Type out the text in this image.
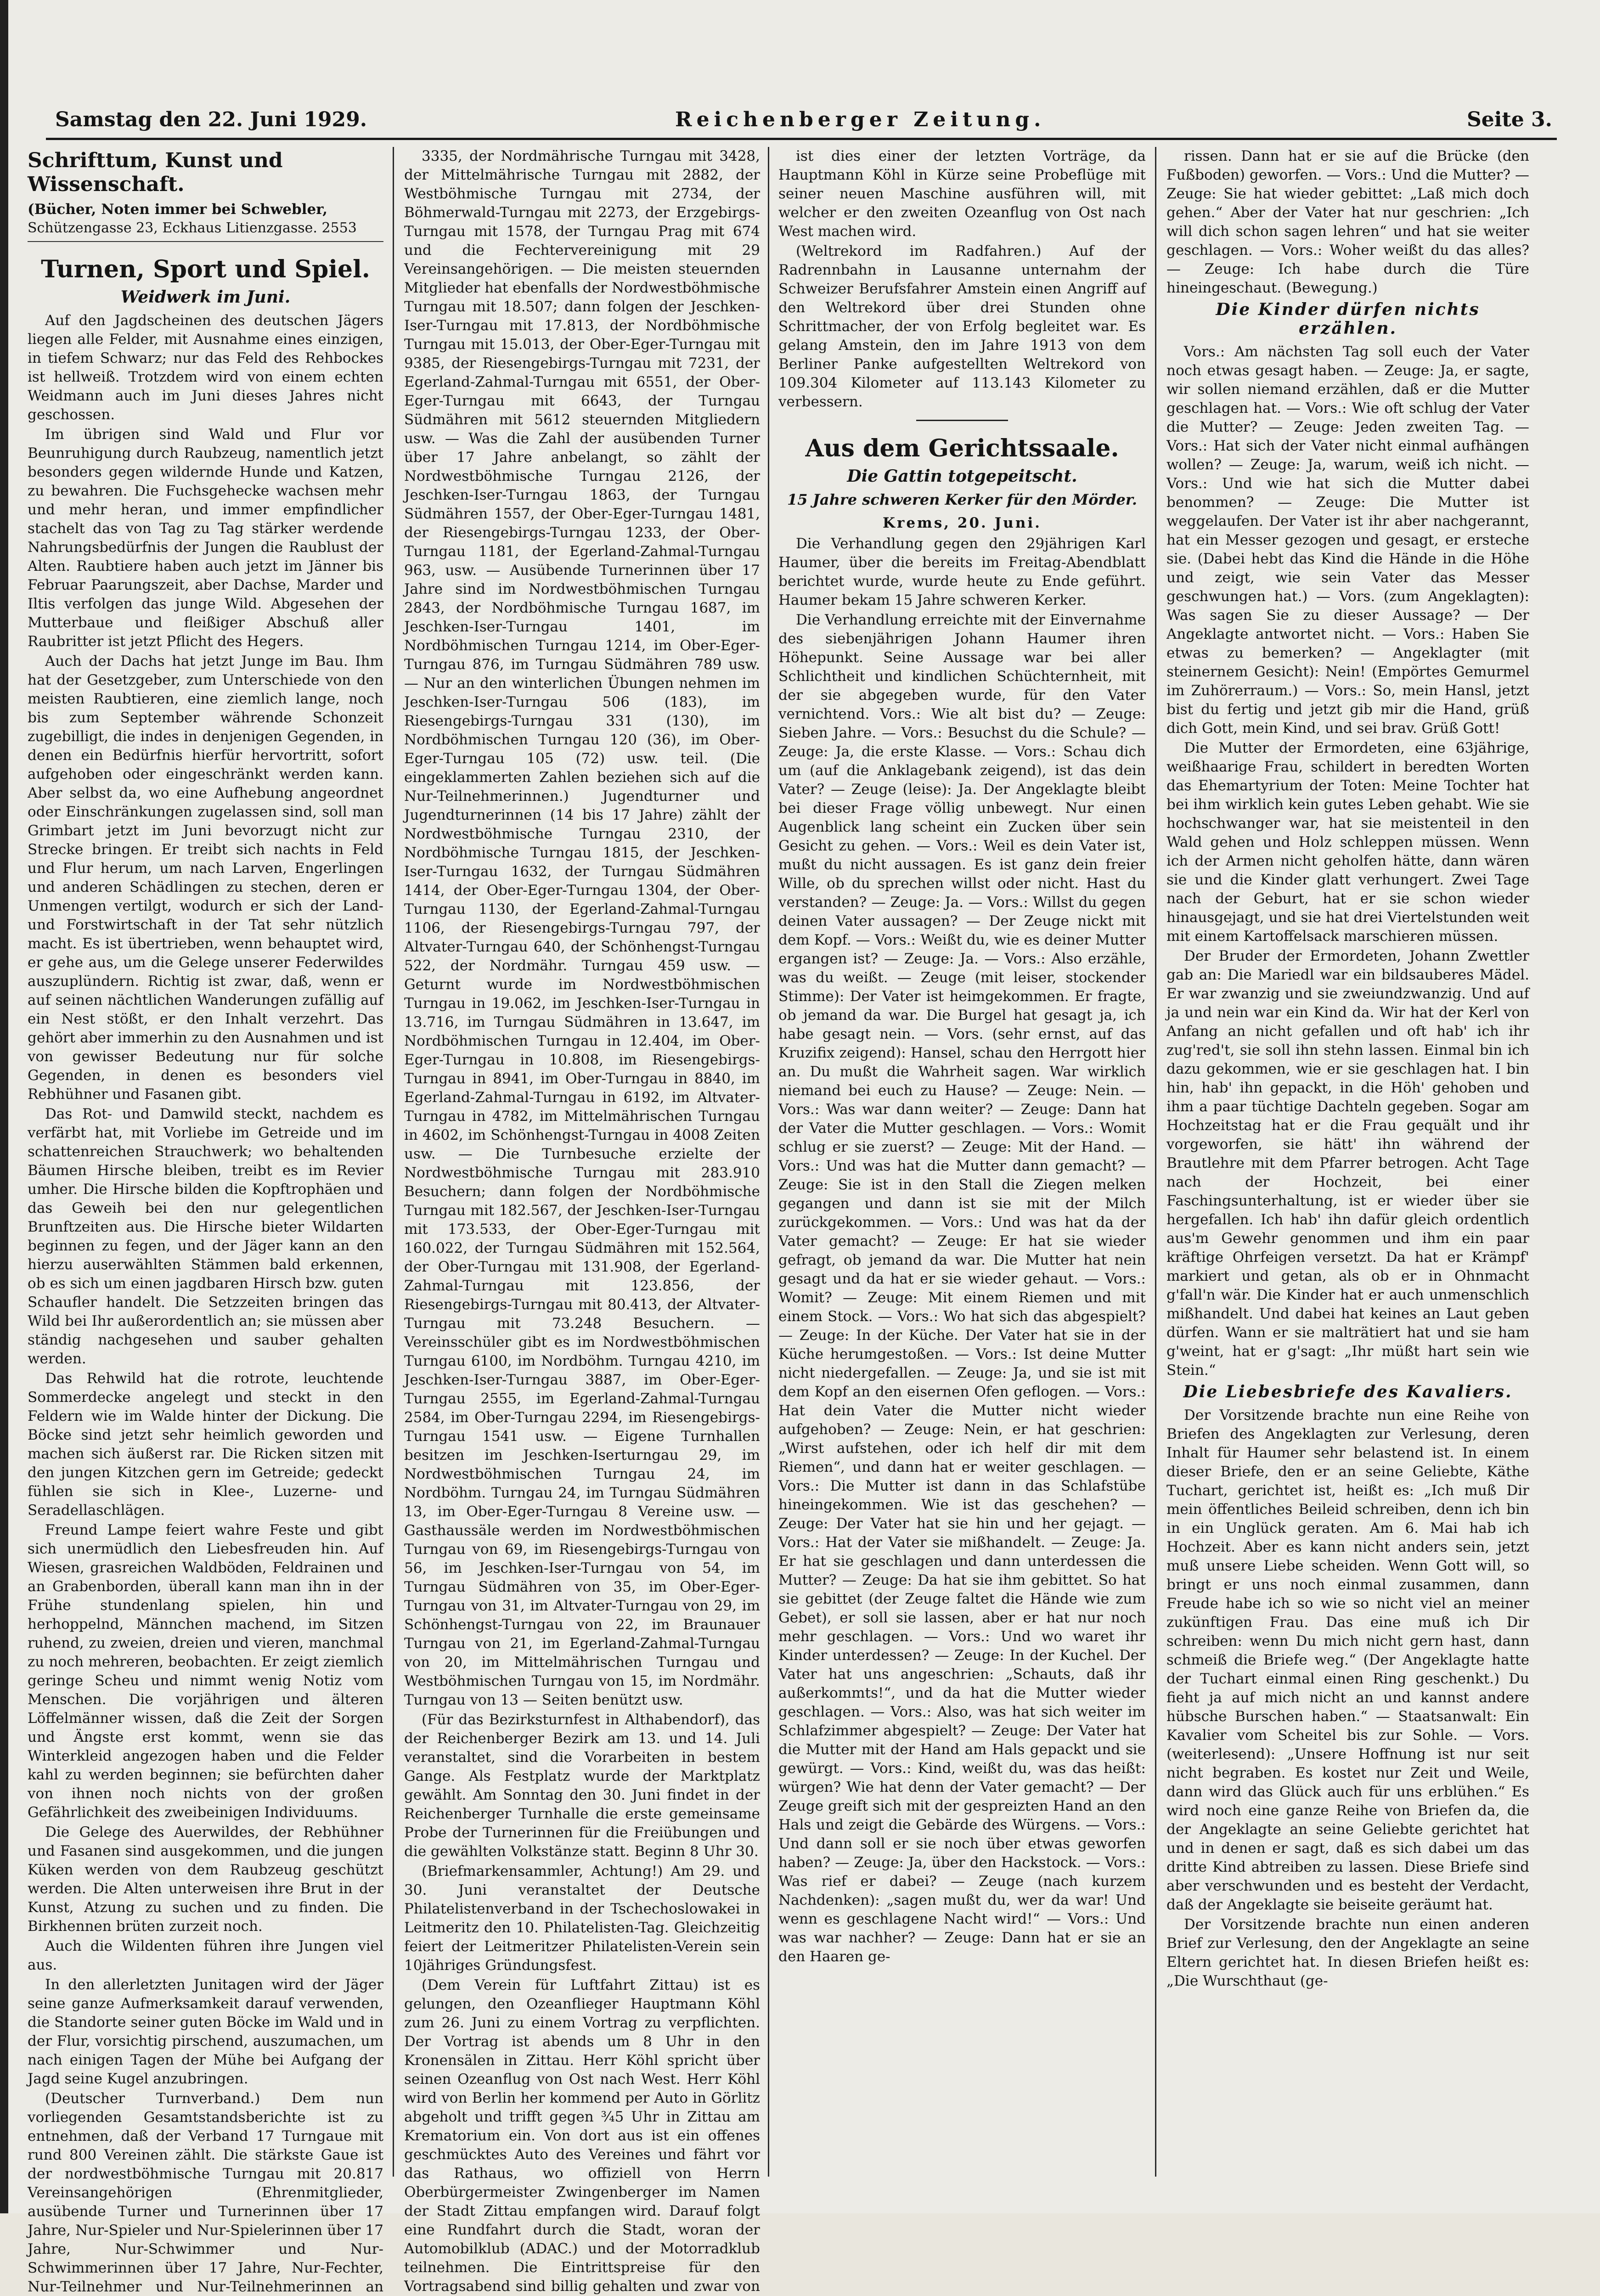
Samstag den 22. Juni 1929.	Reichenberger Zeitung.	Seite 3.
Schrifttum, Kunst und Wissenschaft.
(Bücher, Noten immer bei Schwebler,
Schützengasse 23, Eckhaus Litienzgasse. 2553
Turnen, Sport und Spiel.
Weidwerk im Juni.

Auf den Jagdscheinen des deutschen Jägers liegen alle Felder, mit Ausnahme eines einzigen, in tiefem Schwarz; nur das Feld des Rehbockes ist hellweiß. Trotzdem wird von einem echten Weidmann auch im Juni dieses Jahres nicht geschossen.

Im übrigen sind Wald und Flur vor Beunruhigung durch Raubzeug, namentlich jetzt besonders gegen wildernde Hunde und Katzen, zu bewahren. Die Fuchsgehecke wachsen mehr und mehr heran, und immer empfindlicher stachelt das von Tag zu Tag stärker werdende Nahrungsbedürfnis der Jungen die Raublust der Alten. Raubtiere haben auch jetzt im Jänner bis Februar Paarungszeit, aber Dachse, Marder und Iltis verfolgen das junge Wild. Abgesehen der Mutterbaue und fleißiger Abschuß aller Raubritter ist jetzt Pflicht des Hegers.

Auch der Dachs hat jetzt Junge im Bau. Ihm hat der Gesetzgeber, zum Unterschiede von den meisten Raubtieren, eine ziemlich lange, noch bis zum September währende Schonzeit zugebilligt, die indes in denjenigen Gegenden, in denen ein Bedürfnis hierfür hervortritt, sofort aufgehoben oder eingeschränkt werden kann. Aber selbst da, wo eine Aufhebung angeordnet oder Einschränkungen zugelassen sind, soll man Grimbart jetzt im Juni bevorzugt nicht zur Strecke bringen. Er treibt sich nachts in Feld und Flur herum, um nach Larven, Engerlingen und anderen Schädlingen zu stechen, deren er Unmengen vertilgt, wodurch er sich der Land- und Forstwirtschaft in der Tat sehr nützlich macht. Es ist übertrieben, wenn behauptet wird, er gehe aus, um die Gelege unserer Federwildes auszuplündern. Richtig ist zwar, daß, wenn er auf seinen nächtlichen Wanderungen zufällig auf ein Nest stößt, er den Inhalt verzehrt. Das gehört aber immerhin zu den Ausnahmen und ist von gewisser Bedeutung nur für solche Gegenden, in denen es besonders viel Rebhühner und Fasanen gibt.

Das Rot- und Damwild steckt, nachdem es verfärbt hat, mit Vorliebe im Getreide und im schattenreichen Strauchwerk; wo behaltenden Bäumen Hirsche bleiben, treibt es im Revier umher. Die Hirsche bilden die Kopftrophäen und das Geweih bei den nur gelegentlichen Brunftzeiten aus. Die Hirsche bieter Wildarten beginnen zu fegen, und der Jäger kann an den hierzu auserwählten Stämmen bald erkennen, ob es sich um einen jagdbaren Hirsch bzw. guten Schaufler handelt. Die Setzzeiten bringen das Wild bei Ihr außerordentlich an; sie müssen aber ständig nachgesehen und sauber gehalten werden.

Das Rehwild hat die rotrote, leuchtende Sommerdecke angelegt und steckt in den Feldern wie im Walde hinter der Dickung. Die Böcke sind jetzt sehr heimlich geworden und machen sich äußerst rar. Die Ricken sitzen mit den jungen Kitzchen gern im Getreide; gedeckt fühlen sie sich in Klee-, Luzerne- und Seradellaschlägen.

Freund Lampe feiert wahre Feste und gibt sich unermüdlich den Liebesfreuden hin. Auf Wiesen, grasreichen Waldböden, Feldrainen und an Grabenborden, überall kann man ihn in der Frühe stundenlang spielen, hin und herhoppelnd, Männchen machend, im Sitzen ruhend, zu zweien, dreien und vieren, manchmal zu noch mehreren, beobachten. Er zeigt ziemlich geringe Scheu und nimmt wenig Notiz vom Menschen. Die vorjährigen und älteren Löffelmänner wissen, daß die Zeit der Sorgen und Ängste erst kommt, wenn sie das Winterkleid angezogen haben und die Felder kahl zu werden beginnen; sie befürchten daher von ihnen noch nichts von der großen Gefährlichkeit des zweibeinigen Individuums.

Die Gelege des Auerwildes, der Rebhühner und Fasanen sind ausgekommen, und die jungen Küken werden von dem Raubzeug geschützt werden. Die Alten unterweisen ihre Brut in der Kunst, Atzung zu suchen und zu finden. Die Birkhennen brüten zurzeit noch.

Auch die Wildenten führen ihre Jungen viel aus.

In den allerletzten Junitagen wird der Jäger seine ganze Aufmerksamkeit darauf verwenden, die Standorte seiner guten Böcke im Wald und in der Flur, vorsichtig pirschend, auszumachen, um nach einigen Tagen der Mühe bei Aufgang der Jagd seine Kugel anzubringen.

(Deutscher Turnverband.) Dem nun vorliegenden Gesamtstandsberichte ist zu entnehmen, daß der Verband 17 Turngaue mit rund 800 Vereinen zählt. Die stärkste Gaue ist der nordwestböhmische Turngau mit 20.817 Vereinsangehörigen (Ehrenmitglieder, ausübende Turner und Turnerinnen über 17 Jahre, Nur-Spieler und Nur-Spielerinnen über 17 Jahre, Nur-Schwimmer und Nur-Schwimmerinnen über 17 Jahre, Nur-Fechter, Nur-Teilnehmer und Nur-Teilnehmerinnen an

3335, der Nordmährische Turngau mit 3428, der Mittelmährische Turngau mit 2882, der Westböhmische Turngau mit 2734, der Böhmerwald-Turngau mit 2273, der Erzgebirgs-Turngau mit 1578, der Turngau Prag mit 674 und die Fechtervereinigung mit 29 Vereinsangehörigen. — Die meisten steuernden Mitglieder hat ebenfalls der Nordwestböhmische Turngau mit 18.507; dann folgen der Jeschken-Iser-Turngau mit 17.813, der Nordböhmische Turngau mit 15.013, der Ober-Eger-Turngau mit 9385, der Riesengebirgs-Turngau mit 7231, der Egerland-Zahmal-Turngau mit 6551, der Ober-Eger-Turngau mit 6643, der Turngau Südmähren mit 5612 steuernden Mitgliedern usw. — Was die Zahl der ausübenden Turner über 17 Jahre anbelangt, so zählt der Nordwestböhmische Turngau 2126, der Jeschken-Iser-Turngau 1863, der Turngau Südmähren 1557, der Ober-Eger-Turngau 1481, der Riesengebirgs-Turngau 1233, der Ober-Turngau 1181, der Egerland-Zahmal-Turngau 963, usw. — Ausübende Turnerinnen über 17 Jahre sind im Nordwestböhmischen Turngau 2843, der Nordböhmische Turngau 1687, im Jeschken-Iser-Turngau 1401, im Nordböhmischen Turngau 1214, im Ober-Eger-Turngau 876, im Turngau Südmähren 789 usw. — Nur an den winterlichen Übungen nehmen im Jeschken-Iser-Turngau 506 (183), im Riesengebirgs-Turngau 331 (130), im Nordböhmischen Turngau 120 (36), im Ober-Eger-Turngau 105 (72) usw. teil. (Die eingeklammerten Zahlen beziehen sich auf die Nur-Teilnehmerinnen.) Jugendturner und Jugendturnerinnen (14 bis 17 Jahre) zählt der Nordwestböhmische Turngau 2310, der Nordböhmische Turngau 1815, der Jeschken-Iser-Turngau 1632, der Turngau Südmähren 1414, der Ober-Eger-Turngau 1304, der Ober-Turngau 1130, der Egerland-Zahmal-Turngau 1106, der Riesengebirgs-Turngau 797, der Altvater-Turngau 640, der Schönhengst-Turngau 522, der Nordmähr. Turngau 459 usw. — Geturnt wurde im Nordwestböhmischen Turngau in 19.062, im Jeschken-Iser-Turngau in 13.716, im Turngau Südmähren in 13.647, im Nordböhmischen Turngau in 12.404, im Ober-Eger-Turngau in 10.808, im Riesengebirgs-Turngau in 8941, im Ober-Turngau in 8840, im Egerland-Zahmal-Turngau in 6192, im Altvater-Turngau in 4782, im Mittelmährischen Turngau in 4602, im Schönhengst-Turngau in 4008 Zeiten usw. — Die Turnbesuche erzielte der Nordwestböhmische Turngau mit 283.910 Besuchern; dann folgen der Nordböhmische Turngau mit 182.567, der Jeschken-Iser-Turngau mit 173.533, der Ober-Eger-Turngau mit 160.022, der Turngau Südmähren mit 152.564, der Ober-Turngau mit 131.908, der Egerland-Zahmal-Turngau mit 123.856, der Riesengebirgs-Turngau mit 80.413, der Altvater-Turngau mit 73.248 Besuchern. — Vereinsschüler gibt es im Nordwestböhmischen Turngau 6100, im Nordböhm. Turngau 4210, im Jeschken-Iser-Turngau 3887, im Ober-Eger-Turngau 2555, im Egerland-Zahmal-Turngau 2584, im Ober-Turngau 2294, im Riesengebirgs-Turngau 1541 usw. — Eigene Turnhallen besitzen im Jeschken-Iserturngau 29, im Nordwestböhmischen Turngau 24, im Nordböhm. Turngau 24, im Turngau Südmähren 13, im Ober-Eger-Turngau 8 Vereine usw. — Gasthaussäle werden im Nordwestböhmischen Turngau von 69, im Riesengebirgs-Turngau von 56, im Jeschken-Iser-Turngau von 54, im Turngau Südmähren von 35, im Ober-Eger-Turngau von 31, im Altvater-Turngau von 29, im Schönhengst-Turngau von 22, im Braunauer Turngau von 21, im Egerland-Zahmal-Turngau von 20, im Mittelmährischen Turngau und Westböhmischen Turngau von 15, im Nordmähr. Turngau von 13 — Seiten benützt usw.

(Für das Bezirksturnfest in Althabendorf), das der Reichenberger Bezirk am 13. und 14. Juli veranstaltet, sind die Vorarbeiten in bestem Gange. Als Festplatz wurde der Marktplatz gewählt. Am Sonntag den 30. Juni findet in der Reichenberger Turnhalle die erste gemeinsame Probe der Turnerinnen für die Freiübungen und die gewählten Volkstänze statt. Beginn 8 Uhr 30.

(Briefmarkensammler, Achtung!) Am 29. und 30. Juni veranstaltet der Deutsche Philatelistenverband in der Tschechoslowakei in Leitmeritz den 10. Philatelisten-Tag. Gleichzeitig feiert der Leitmeritzer Philatelisten-Verein sein 10jähriges Gründungsfest.

(Dem Verein für Luftfahrt Zittau) ist es gelungen, den Ozeanflieger Hauptmann Köhl zum 26. Juni zu einem Vortrag zu verpflichten. Der Vortrag ist abends um 8 Uhr in den Kronensälen in Zittau. Herr Köhl spricht über seinen Ozeanflug von Ost nach West. Herr Köhl wird von Berlin her kommend per Auto in Görlitz abgeholt und trifft gegen ¾5 Uhr in Zittau am Krematorium ein. Von dort aus ist ein offenes geschmücktes Auto des Vereines und fährt vor das Rathaus, wo offiziell von Herrn Oberbürgermeister Zwingenberger im Namen der Stadt Zittau empfangen wird. Darauf folgt eine Rundfahrt durch die Stadt, woran der Automobilklub (ADAC.) und der Motorradklub teilnehmen. Die Eintrittspreise für den Vortragsabend sind billig gehalten und zwar von

ist dies einer der letzten Vorträge, da Hauptmann Köhl in Kürze seine Probeflüge mit seiner neuen Maschine ausführen will, mit welcher er den zweiten Ozeanflug von Ost nach West machen wird.

(Weltrekord im Radfahren.) Auf der Radrennbahn in Lausanne unternahm der Schweizer Berufsfahrer Amstein einen Angriff auf den Weltrekord über drei Stunden ohne Schrittmacher, der von Erfolg begleitet war. Es gelang Amstein, den im Jahre 1913 von dem Berliner Panke aufgestellten Weltrekord von 109.304 Kilometer auf 113.143 Kilometer zu verbessern.

Aus dem Gerichtssaale.
Die Gattin totgepeitscht.
15 Jahre schweren Kerker für den Mörder.
Krems, 20. Juni.

Die Verhandlung gegen den 29jährigen Karl Haumer, über die bereits im Freitag-Abendblatt berichtet wurde, wurde heute zu Ende geführt. Haumer bekam 15 Jahre schweren Kerker.

Die Verhandlung erreichte mit der Einvernahme des siebenjährigen Johann Haumer ihren Höhepunkt. Seine Aussage war bei aller Schlichtheit und kindlichen Schüchternheit, mit der sie abgegeben wurde, für den Vater vernichtend. Vors.: Wie alt bist du? — Zeuge: Sieben Jahre. — Vors.: Besuchst du die Schule? — Zeuge: Ja, die erste Klasse. — Vors.: Schau dich um (auf die Anklagebank zeigend), ist das dein Vater? — Zeuge (leise): Ja. Der Angeklagte bleibt bei dieser Frage völlig unbewegt. Nur einen Augenblick lang scheint ein Zucken über sein Gesicht zu gehen. — Vors.: Weil es dein Vater ist, mußt du nicht aussagen. Es ist ganz dein freier Wille, ob du sprechen willst oder nicht. Hast du verstanden? — Zeuge: Ja. — Vors.: Willst du gegen deinen Vater aussagen? — Der Zeuge nickt mit dem Kopf. — Vors.: Weißt du, wie es deiner Mutter ergangen ist? — Zeuge: Ja. — Vors.: Also erzähle, was du weißt. — Zeuge (mit leiser, stockender Stimme): Der Vater ist heimgekommen. Er fragte, ob jemand da war. Die Burgel hat gesagt ja, ich habe gesagt nein. — Vors. (sehr ernst, auf das Kruzifix zeigend): Hansel, schau den Herrgott hier an. Du mußt die Wahrheit sagen. War wirklich niemand bei euch zu Hause? — Zeuge: Nein. — Vors.: Was war dann weiter? — Zeuge: Dann hat der Vater die Mutter geschlagen. — Vors.: Womit schlug er sie zuerst? — Zeuge: Mit der Hand. — Vors.: Und was hat die Mutter dann gemacht? — Zeuge: Sie ist in den Stall die Ziegen melken gegangen und dann ist sie mit der Milch zurückgekommen. — Vors.: Und was hat da der Vater gemacht? — Zeuge: Er hat sie wieder gefragt, ob jemand da war. Die Mutter hat nein gesagt und da hat er sie wieder gehaut. — Vors.: Womit? — Zeuge: Mit einem Riemen und mit einem Stock. — Vors.: Wo hat sich das abgespielt? — Zeuge: In der Küche. Der Vater hat sie in der Küche herumgestoßen. — Vors.: Ist deine Mutter nicht niedergefallen. — Zeuge: Ja, und sie ist mit dem Kopf an den eisernen Ofen geflogen. — Vors.: Hat dein Vater die Mutter nicht wieder aufgehoben? — Zeuge: Nein, er hat geschrien: „Wirst aufstehen, oder ich helf dir mit dem Riemen“, und dann hat er weiter geschlagen. — Vors.: Die Mutter ist dann in das Schlafstübe hineingekommen. Wie ist das geschehen? — Zeuge: Der Vater hat sie hin und her gejagt. — Vors.: Hat der Vater sie mißhandelt. — Zeuge: Ja. Er hat sie geschlagen und dann unterdessen die Mutter? — Zeuge: Da hat sie ihm gebittet. So hat sie gebittet (der Zeuge faltet die Hände wie zum Gebet), er soll sie lassen, aber er hat nur noch mehr geschlagen. — Vors.: Und wo waret ihr Kinder unterdessen? — Zeuge: In der Kuchel. Der Vater hat uns angeschrien: „Schauts, daß ihr außerkommts!“, und da hat die Mutter wieder geschlagen. — Vors.: Also, was hat sich weiter im Schlafzimmer abgespielt? — Zeuge: Der Vater hat die Mutter mit der Hand am Hals gepackt und sie gewürgt. — Vors.: Kind, weißt du, was das heißt: würgen? Wie hat denn der Vater gemacht? — Der Zeuge greift sich mit der gespreizten Hand an den Hals und zeigt die Gebärde des Würgens. — Vors.: Und dann soll er sie noch über etwas geworfen haben? — Zeuge: Ja, über den Hackstock. — Vors.: Was rief er dabei? — Zeuge (nach kurzem Nachdenken): „sagen mußt du, wer da war! Und wenn es geschlagene Nacht wird!“ — Vors.: Und was war nachher? — Zeuge: Dann hat er sie an den Haaren ge-

rissen. Dann hat er sie auf die Brücke (den Fußboden) geworfen. — Vors.: Und die Mutter? — Zeuge: Sie hat wieder gebittet: „Laß mich doch gehen.“ Aber der Vater hat nur geschrien: „Ich will dich schon sagen lehren“ und hat sie weiter geschlagen. — Vors.: Woher weißt du das alles? — Zeuge: Ich habe durch die Türe hineingeschaut. (Bewegung.)

Die Kinder dürfen nichts erzählen.

Vors.: Am nächsten Tag soll euch der Vater noch etwas gesagt haben. — Zeuge: Ja, er sagte, wir sollen niemand erzählen, daß er die Mutter geschlagen hat. — Vors.: Wie oft schlug der Vater die Mutter? — Zeuge: Jeden zweiten Tag. — Vors.: Hat sich der Vater nicht einmal aufhängen wollen? — Zeuge: Ja, warum, weiß ich nicht. — Vors.: Und wie hat sich die Mutter dabei benommen? — Zeuge: Die Mutter ist weggelaufen. Der Vater ist ihr aber nachgerannt, hat ein Messer gezogen und gesagt, er ersteche sie. (Dabei hebt das Kind die Hände in die Höhe und zeigt, wie sein Vater das Messer geschwungen hat.) — Vors. (zum Angeklagten): Was sagen Sie zu dieser Aussage? — Der Angeklagte antwortet nicht. — Vors.: Haben Sie etwas zu bemerken? — Angeklagter (mit steinernem Gesicht): Nein! (Empörtes Gemurmel im Zuhörerraum.) — Vors.: So, mein Hansl, jetzt bist du fertig und jetzt gib mir die Hand, grüß dich Gott, mein Kind, und sei brav. Grüß Gott!

Die Mutter der Ermordeten, eine 63jährige, weißhaarige Frau, schildert in beredten Worten das Ehemartyrium der Toten: Meine Tochter hat bei ihm wirklich kein gutes Leben gehabt. Wie sie hochschwanger war, hat sie meistenteil in den Wald gehen und Holz schleppen müssen. Wenn ich der Armen nicht geholfen hätte, dann wären sie und die Kinder glatt verhungert. Zwei Tage nach der Geburt, hat er sie schon wieder hinausgejagt, und sie hat drei Viertelstunden weit mit einem Kartoffelsack marschieren müssen.

Der Bruder der Ermordeten, Johann Zwettler gab an: Die Mariedl war ein bildsauberes Mädel. Er war zwanzig und sie zweiundzwanzig. Und auf ja und nein war ein Kind da. Wir hat der Kerl von Anfang an nicht gefallen und oft hab' ich ihr zug'red't, sie soll ihn stehn lassen. Einmal bin ich dazu gekommen, wie er sie geschlagen hat. I bin hin, hab' ihn gepackt, in die Höh' gehoben und ihm a paar tüchtige Dachteln gegeben. Sogar am Hochzeitstag hat er die Frau gequält und ihr vorgeworfen, sie hätt' ihn während der Brautlehre mit dem Pfarrer betrogen. Acht Tage nach der Hochzeit, bei einer Faschingsunterhaltung, ist er wieder über sie hergefallen. Ich hab' ihn dafür gleich ordentlich aus'm Gewehr genommen und ihm ein paar kräftige Ohrfeigen versetzt. Da hat er Krämpf' markiert und getan, als ob er in Ohnmacht g'fall'n wär. Die Kinder hat er auch unmenschlich mißhandelt. Und dabei hat keines an Laut geben dürfen. Wann er sie malträtiert hat und sie ham g'weint, hat er g'sagt: „Ihr müßt hart sein wie Stein.“

Die Liebesbriefe des Kavaliers.

Der Vorsitzende brachte nun eine Reihe von Briefen des Angeklagten zur Verlesung, deren Inhalt für Haumer sehr belastend ist. In einem dieser Briefe, den er an seine Geliebte, Käthe Tuchart, gerichtet ist, heißt es: „Ich muß Dir mein öffentliches Beileid schreiben, denn ich bin in ein Unglück geraten. Am 6. Mai hab ich Hochzeit. Aber es kann nicht anders sein, jetzt muß unsere Liebe scheiden. Wenn Gott will, so bringt er uns noch einmal zusammen, dann Freude habe ich so wie so nicht viel an meiner zukünftigen Frau. Das eine muß ich Dir schreiben: wenn Du mich nicht gern hast, dann schmeiß die Briefe weg.“ (Der Angeklagte hatte der Tuchart einmal einen Ring geschenkt.) Du fieht ja auf mich nicht an und kannst andere hübsche Burschen haben.“ — Staatsanwalt: Ein Kavalier vom Scheitel bis zur Sohle. — Vors. (weiterlesend): „Unsere Hoffnung ist nur seit nicht begraben. Es kostet nur Zeit und Weile, dann wird das Glück auch für uns erblühen.“ Es wird noch eine ganze Reihe von Briefen da, die der Angeklagte an seine Geliebte gerichtet hat und in denen er sagt, daß es sich dabei um das dritte Kind abtreiben zu lassen. Diese Briefe sind aber verschwunden und es besteht der Verdacht, daß der Angeklagte sie beiseite geräumt hat.

Der Vorsitzende brachte nun einen anderen Brief zur Verlesung, den der Angeklagte an seine Eltern gerichtet hat. In diesen Briefen heißt es: „Die Wurschthaut (ge-
